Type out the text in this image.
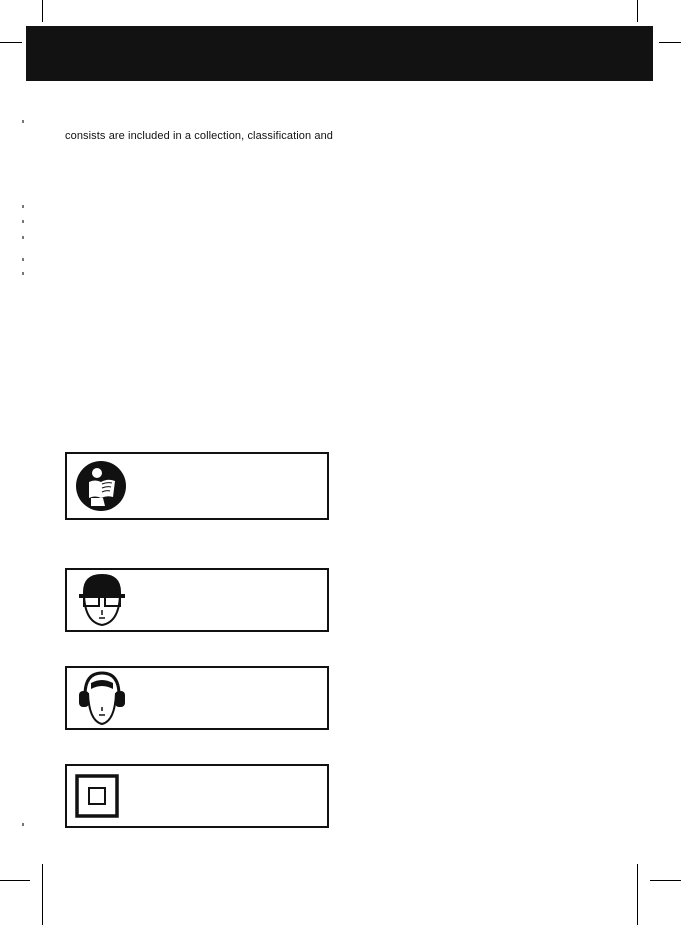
consists are included in a collection, classification and
